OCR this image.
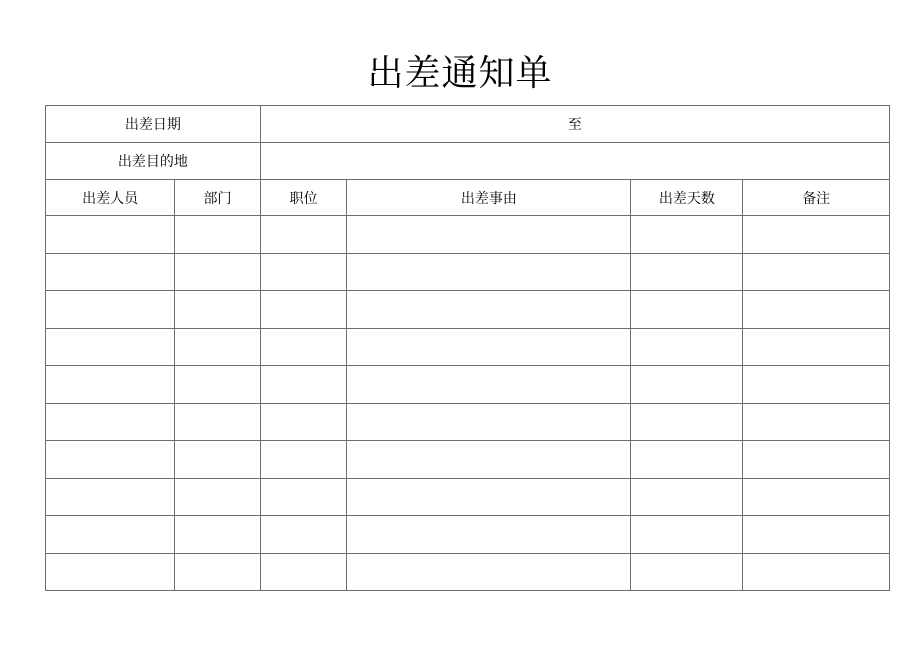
出差通知单
出差日期		至			
出差目的地					
出差人员	部门	职位	出差事由	出差天数	备注
